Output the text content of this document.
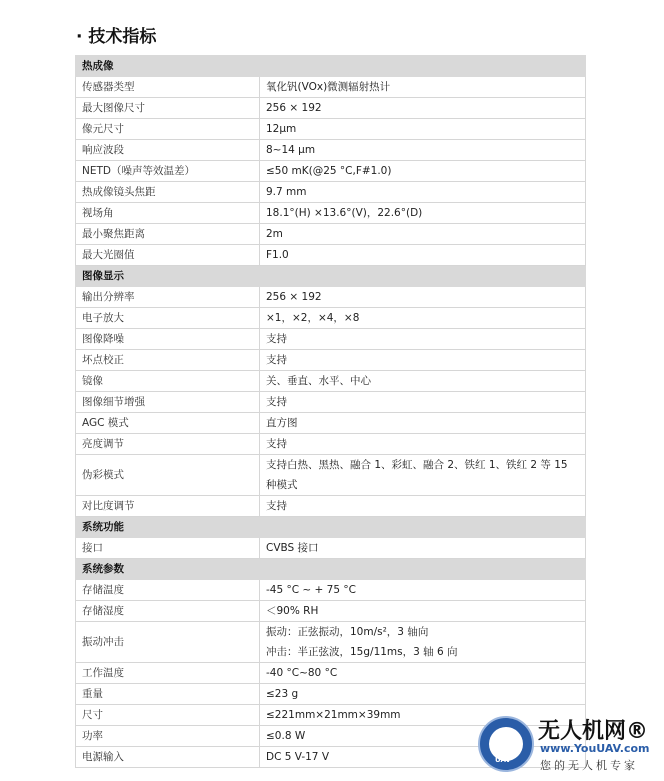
· 技术指标
热成像	
传感器类型	氧化钒(VOx)微测辐射热计

最大图像尺寸	256 × 192

像元尺寸	12μm

响应波段	8~14 μm

NETD（噪声等效温差）	≤50 mK(@25 °C,F#1.0)

热成像镜头焦距	9.7 mm

视场角	18.1°(H) ×13.6°(V)，22.6°(D)

最小聚焦距离	2m

最大光圈值	F1.0

图像显示	
输出分辨率	256 × 192

电子放大	×1，×2，×4，×8

图像降噪	支持

坏点校正	支持

镜像	关、垂直、水平、中心

图像细节增强	支持

AGC 模式	直方图

亮度调节	支持

伪彩模式	支持白热、黑热、融合 1、彩虹、融合 2、铁红 1、铁红 2 等 15 种模式

对比度调节	支持

系统功能	
接口	CVBS 接口

系统参数	
存储温度	-45 °C ~ + 75 °C

存储湿度	＜90% RH

振动冲击	振动：正弦振动，10m/s²，3 轴向
冲击：半正弦波，15g/11ms，3 轴 6 向

工作温度	-40 °C~80 °C

重量	≤23 g

尺寸	≤221mm×21mm×39mm

功率	≤0.8 W

电源输入	DC 5 V-17 V	UAV
无人机网®
www.YouUAV.com
您的无人机专家
